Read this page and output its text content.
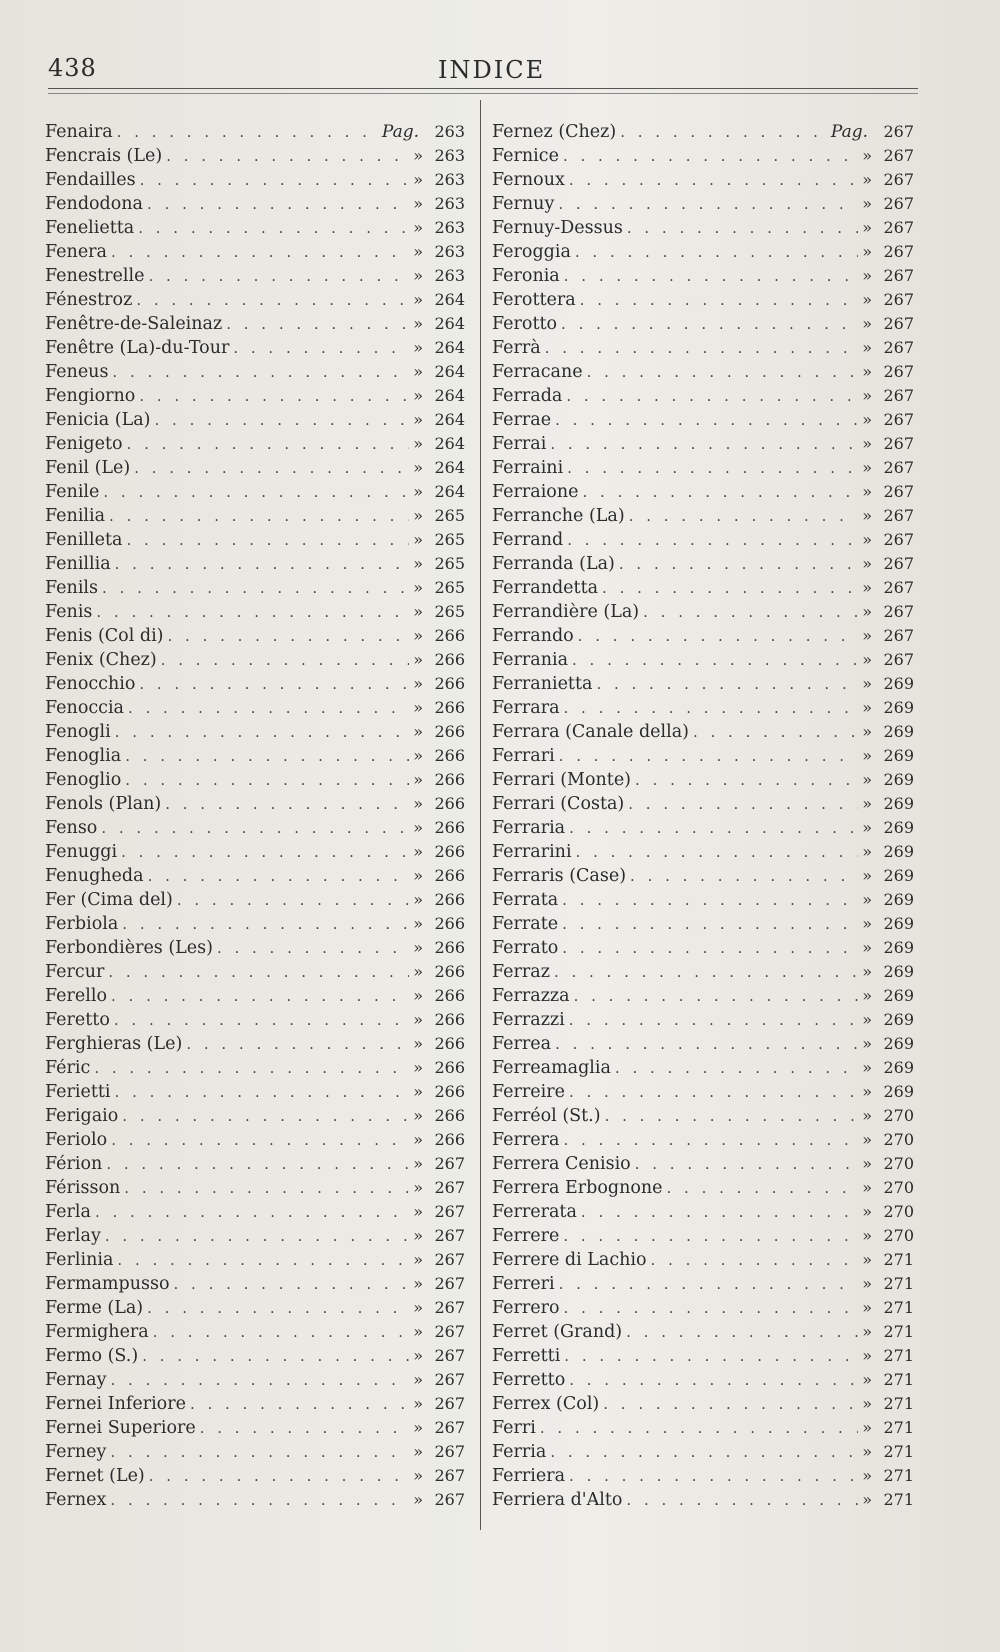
438	INDICE
Fenaira . . .	Pag. 263
Fencrais (Le) . . .	» 263
Fendailles . . .	» 263
Fendodona . . .	» 263
Fenelietta . . .	» 263
Fenera . . .	» 263
Fenestrelle . . .	» 263
Fénestroz . . .	» 264
Fenêtre-de-Saleinaz . . .	» 264
Fenêtre (La)-du-Tour . . .	» 264
Feneus . . .	» 264
Fengiorno . . .	» 264
Fenicia (La) . . .	» 264
Fenigeto . . .	» 264
Fenil (Le) . . .	» 264
Fenile . . .	» 264
Fenilia . . .	» 265
Fenilleta . . .	» 265
Fenillia . . .	» 265
Fenils . . .	» 265
Fenis . . .	» 265
Fenis (Col di) . . .	» 266
Fenix (Chez) . . .	» 266
Fenocchio . . .	» 266
Fenoccia . . .	» 266
Fenogli . . .	» 266
Fenoglia . . .	» 266
Fenoglio . . .	» 266
Fenols (Plan) . . .	» 266
Fenso . . .	» 266
Fenuggi . . .	» 266
Fenugheda . . .	» 266
Fer (Cima del) . . .	» 266
Ferbiola . . .	» 266
Ferbondières (Les) . . .	» 266
Fercur . . .	» 266
Ferello . . .	» 266
Feretto . . .	» 266
Ferghieras (Le) . . .	» 266
Féric . . .	» 266
Ferietti . . .	» 266
Ferigaio . . .	» 266
Feriolo . . .	» 266
Férion . . .	» 267
Férisson . . .	» 267
Ferla . . .	» 267
Ferlay . . .	» 267
Ferlinia . . .	» 267
Fermampusso . . .	» 267
Ferme (La) . . .	» 267
Fermighera . . .	» 267
Fermo (S.) . . .	» 267
Fernay . . .	» 267
Fernei Inferiore . . .	» 267
Fernei Superiore . . .	» 267
Ferney . . .	» 267
Fernet (Le) . . .	» 267
Fernex . . .	» 267
Fernez (Chez) . . .	Pag. 267
Fernice . . .	» 267
Fernoux . . .	» 267
Fernuy . . .	» 267
Fernuy-Dessus . . .	» 267
Feroggia . . .	» 267
Feronia . . .	» 267
Ferottera . . .	» 267
Ferotto . . .	» 267
Ferrà . . .	» 267
Ferracane . . .	» 267
Ferrada . . .	» 267
Ferrae . . .	» 267
Ferrai . . .	» 267
Ferraini . . .	» 267
Ferraione . . .	» 267
Ferranche (La) . . .	» 267
Ferrand . . .	» 267
Ferranda (La) . . .	» 267
Ferrandetta . . .	» 267
Ferrandière (La) . . .	» 267
Ferrando . . .	» 267
Ferrania . . .	» 267
Ferranietta . . .	» 269
Ferrara . . .	» 269
Ferrara (Canale della) . . .	» 269
Ferrari . . .	» 269
Ferrari (Monte) . . .	» 269
Ferrari (Costa) . . .	» 269
Ferraria . . .	» 269
Ferrarini . . .	» 269
Ferraris (Case) . . .	» 269
Ferrata . . .	» 269
Ferrate . . .	» 269
Ferrato . . .	» 269
Ferraz . . .	» 269
Ferrazza . . .	» 269
Ferrazzi . . .	» 269
Ferrea . . .	» 269
Ferreamaglia . . .	» 269
Ferreire . . .	» 269
Ferréol (St.) . . .	» 270
Ferrera . . .	» 270
Ferrera Cenisio . . .	» 270
Ferrera Erbognone . . .	» 270
Ferrerata . . .	» 270
Ferrere . . .	» 270
Ferrere di Lachio . . .	» 271
Ferreri . . .	» 271
Ferrero . . .	» 271
Ferret (Grand) . . .	» 271
Ferretti . . .	» 271
Ferretto . . .	» 271
Ferrex (Col) . . .	» 271
Ferri . . .	» 271
Ferria . . .	» 271
Ferriera . . .	» 271
Ferriera d'Alto . . .	» 271
